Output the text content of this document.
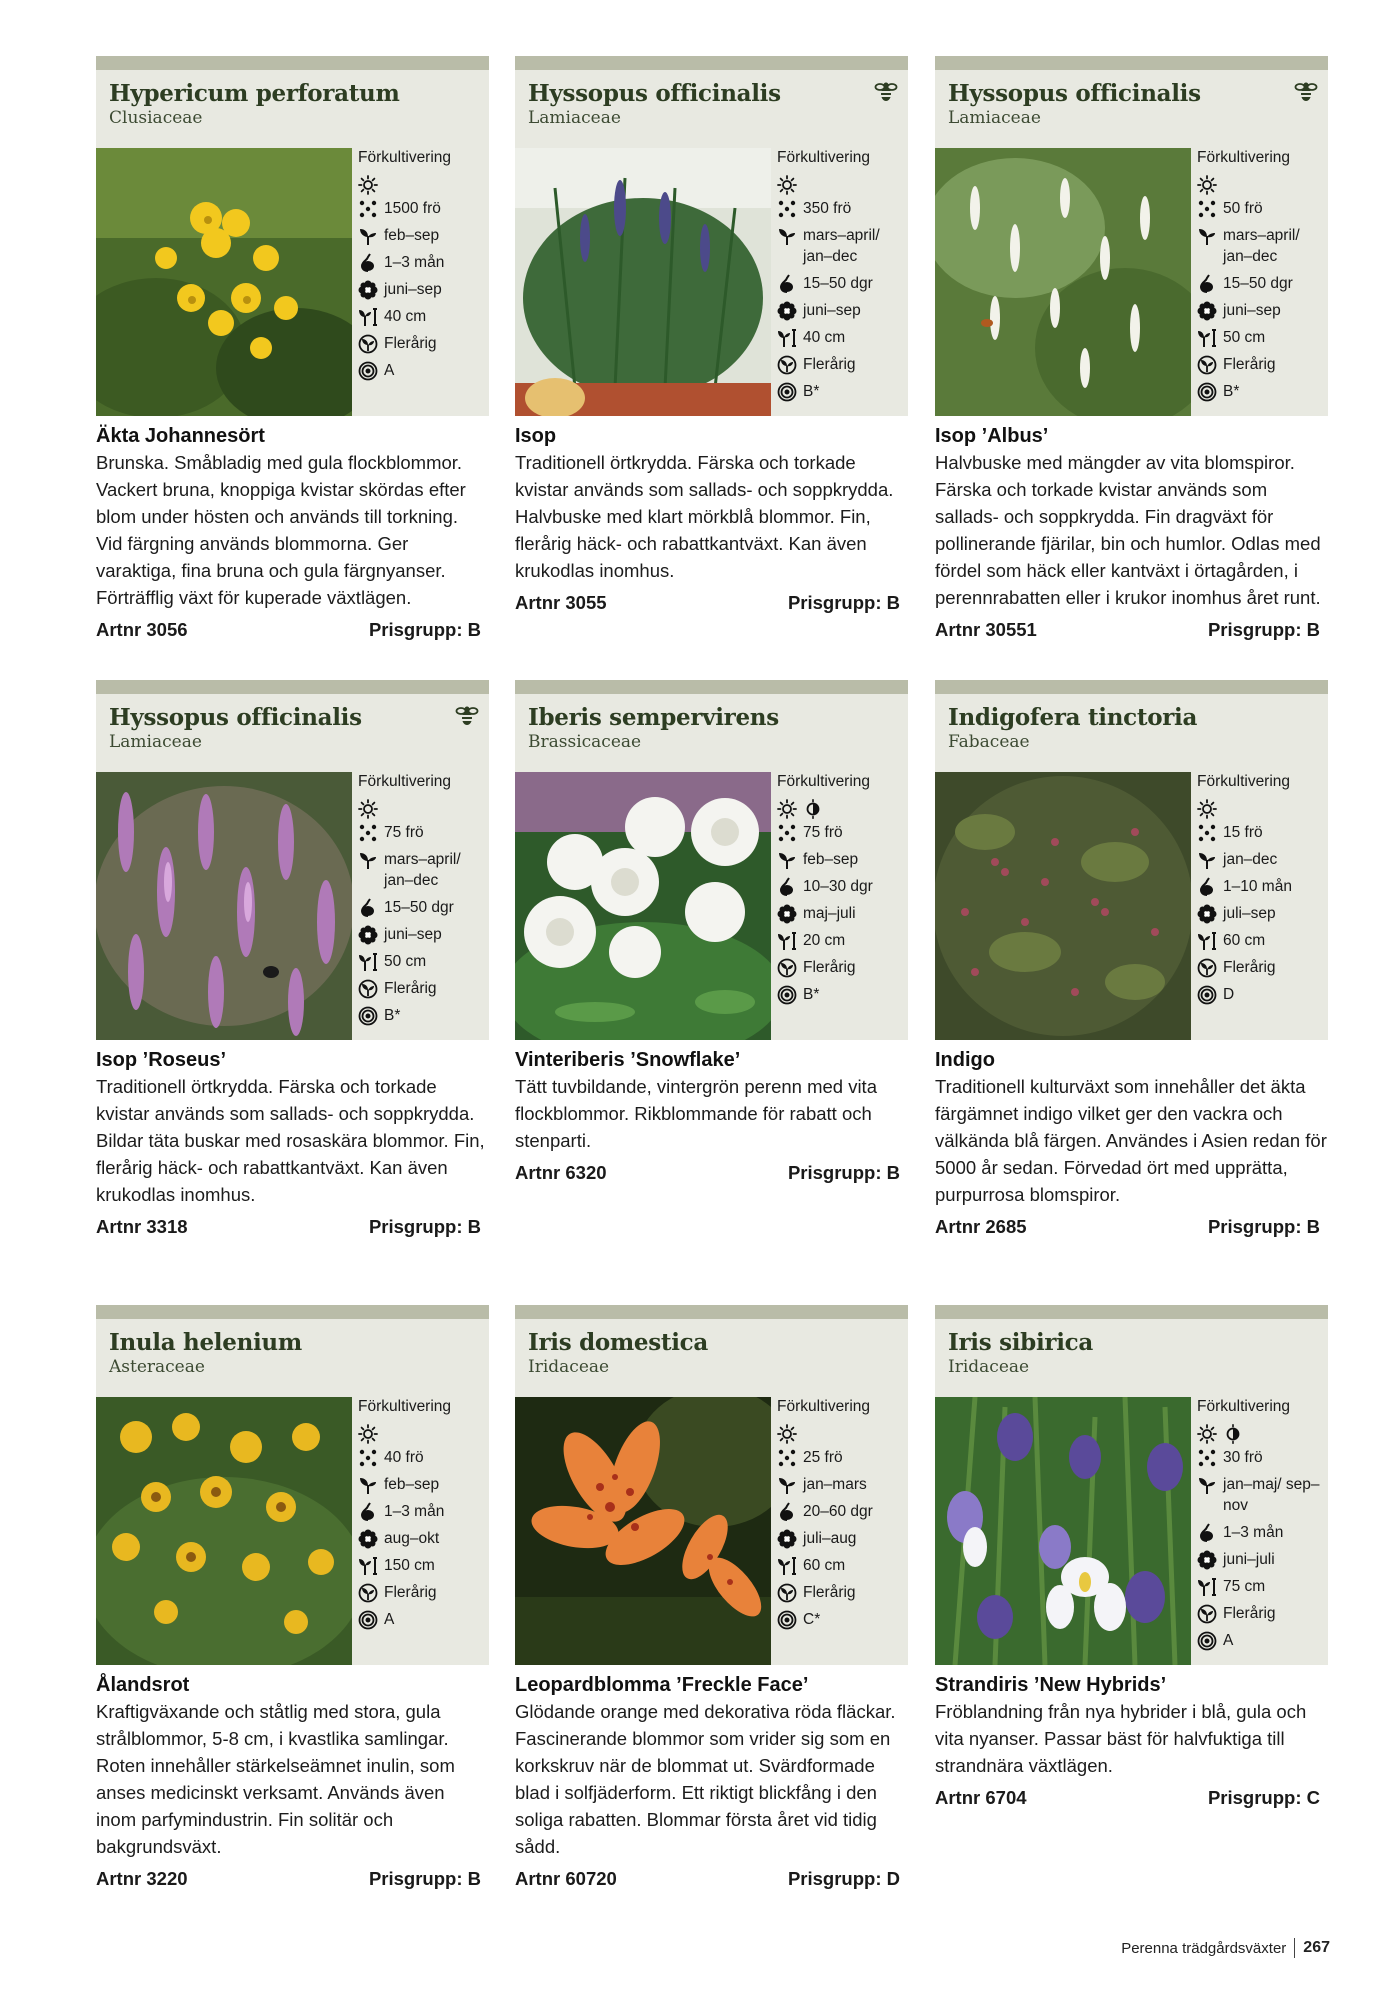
Hypericum perforatum
Clusiaceae
Förkultivering
1500 frö
feb–sep
1–3 mån
juni–sep
40 cm
Flerårig
A
Äkta Johannesört
Brunska. Småbladig med gula flockblommor. Vackert bruna, knoppiga kvistar skördas efter blom under hösten och används till torkning. Vid färgning används blommorna. Ger varaktiga, fina bruna och gula färgnyanser. Förträfflig växt för kuperade växtlägen.
Artnr 3056	Prisgrupp: B
Hyssopus officinalis
Lamiaceae
Förkultivering
350 frö
mars–april/ jan–dec
15–50 dgr
juni–sep
40 cm
Flerårig
B*
Isop
Traditionell örtkrydda. Färska och torkade kvistar används som sallads- och soppkrydda. Halvbuske med klart mörkblå blommor. Fin, flerårig häck- och rabattkantväxt. Kan även krukodlas inomhus.
Artnr 3055	Prisgrupp: B
Hyssopus officinalis
Lamiaceae
Förkultivering
50 frö
mars–april/ jan–dec
15–50 dgr
juni–sep
50 cm
Flerårig
B*
Isop ’Albus’
Halvbuske med mängder av vita blomspiror. Färska och torkade kvistar används som sallads- och soppkrydda. Fin dragväxt för pollinerande fjärilar, bin och humlor. Odlas med fördel som häck eller kantväxt i örtagården, i perennrabatten eller i krukor inomhus året runt.
Artnr 30551	Prisgrupp: B
Hyssopus officinalis
Lamiaceae
Förkultivering
75 frö
mars–april/ jan–dec
15–50 dgr
juni–sep
50 cm
Flerårig
B*
Isop ’Roseus’
Traditionell örtkrydda. Färska och torkade kvistar används som sallads- och soppkrydda. Bildar täta buskar med rosaskära blommor. Fin, flerårig häck- och rabattkantväxt. Kan även krukodlas inomhus.
Artnr 3318	Prisgrupp: B
Iberis sempervirens
Brassicaceae
Förkultivering
75 frö
feb–sep
10–30 dgr
maj–juli
20 cm
Flerårig
B*
Vinteriberis ’Snowflake’
Tätt tuvbildande, vintergrön perenn med vita flockblommor. Rikblommande för rabatt och stenparti.
Artnr 6320	Prisgrupp: B
Indigofera tinctoria
Fabaceae
Förkultivering
15 frö
jan–dec
1–10 mån
juli–sep
60 cm
Flerårig
D
Indigo
Traditionell kulturväxt som innehåller det äkta färgämnet indigo vilket ger den vackra och välkända blå färgen. Användes i Asien redan för 5000 år sedan. Förvedad ört med upprätta, purpurrosa blomspiror.
Artnr 2685	Prisgrupp: B
Inula helenium
Asteraceae
Förkultivering
40 frö
feb–sep
1–3 mån
aug–okt
150 cm
Flerårig
A
Ålandsrot
Kraftigväxande och ståtlig med stora, gula strålblommor, 5-8 cm, i kvastlika samlingar. Roten innehåller stärkelseämnet inulin, som anses medicinskt verksamt. Används även inom parfymindustrin. Fin solitär och bakgrundsväxt.
Artnr 3220	Prisgrupp: B
Iris domestica
Iridaceae
Förkultivering
25 frö
jan–mars
20–60 dgr
juli–aug
60 cm
Flerårig
C*
Leopardblomma ’Freckle Face’
Glödande orange med dekorativa röda fläckar. Fascinerande blommor som vrider sig som en korkskruv när de blommat ut. Svärdformade blad i solfjäderform. Ett riktigt blickfång i den soliga rabatten. Blommar första året vid tidig sådd.
Artnr 60720	Prisgrupp: D
Iris sibirica
Iridaceae
Förkultivering
30 frö
jan–maj/ sep–nov
1–3 mån
juni–juli
75 cm
Flerårig
A
Strandiris ’New Hybrids’
Fröblandning från nya hybrider i blå, gula och vita nyanser. Passar bäst för halvfuktiga till strandnära växtlägen.
Artnr 6704	Prisgrupp: C
Perenna trädgårdsväxter 267
